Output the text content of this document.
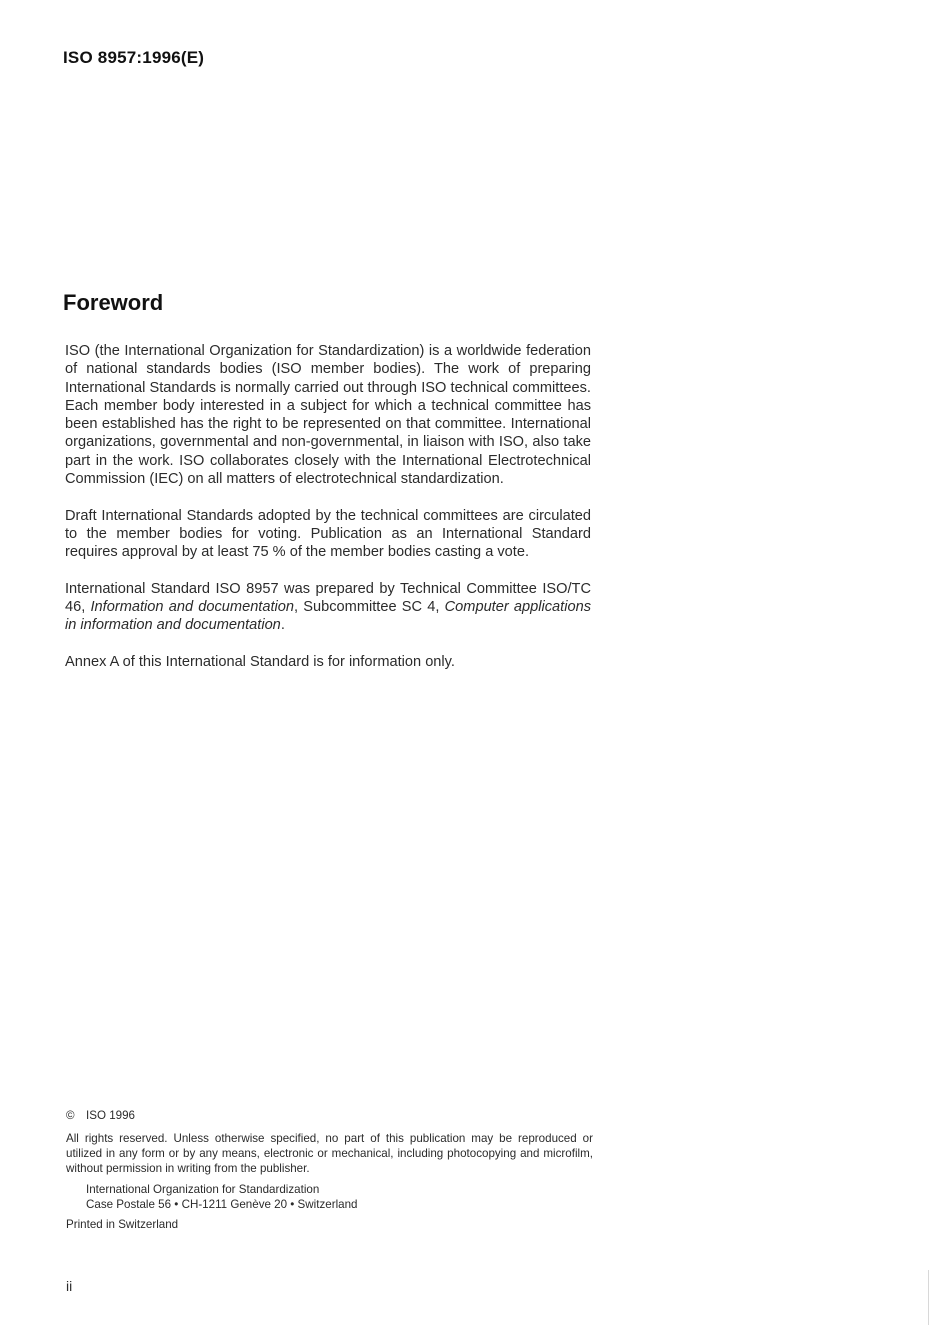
ISO 8957:1996(E)
Foreword

ISO (the International Organization for Standardization) is a worldwide federation of national standards bodies (ISO member bodies). The work of preparing International Standards is normally carried out through ISO technical committees. Each member body interested in a subject for which a technical committee has been established has the right to be represented on that committee. International organizations, governmental and non-governmental, in liaison with ISO, also take part in the work. ISO collaborates closely with the International Electrotechnical Commission (IEC) on all matters of electrotechnical standardization.

Draft International Standards adopted by the technical committees are circulated to the member bodies for voting. Publication as an International Standard requires approval by at least 75 % of the member bodies casting a vote.

International Standard ISO 8957 was prepared by Technical Committee ISO/TC 46, Information and documentation, Subcommittee SC 4, Computer applications in information and documentation.

Annex A of this International Standard is for information only.

© ISO 1996
All rights reserved. Unless otherwise specified, no part of this publication may be reproduced or utilized in any form or by any means, electronic or mechanical, including photocopying and microfilm, without permission in writing from the publisher.
International Organization for Standardization
Case Postale 56 • CH-1211 Genève 20 • Switzerland
Printed in Switzerland
ii
